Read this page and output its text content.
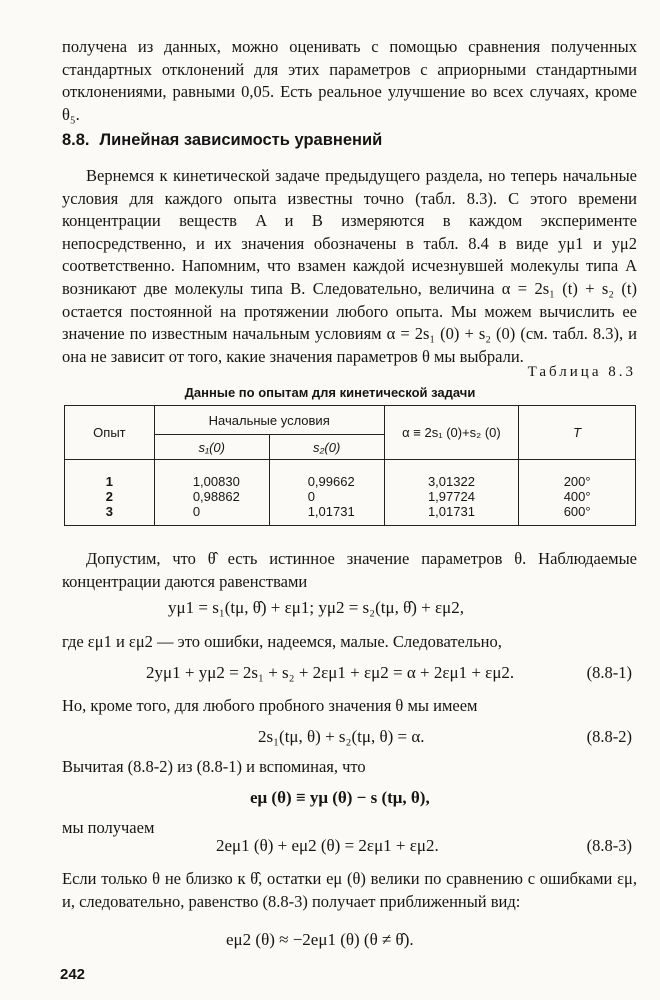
получена из данных, можно оценивать с помощью сравнения полученных стандартных отклонений для этих параметров с априорными стандартными отклонениями, равными 0,05. Есть реальное улучшение во всех случаях, кроме θ₅.

8.8. Линейная зависимость уравнений

Вернемся к кинетической задаче предыдущего раздела, но теперь начальные условия для каждого опыта известны точно (табл. 8.3). С этого времени концентрации веществ A и B измеряются в каждом эксперименте непосредственно, и их значения обозначены в табл. 8.4 в виде yμ1 и yμ2 соответственно. Напомним, что взамен каждой исчезнувшей молекулы типа A возникают две молекулы типа B. Следовательно, величина α = 2s₁ (t) + s₂ (t) остается постоянной на протяжении любого опыта. Мы можем вычислить ее значение по известным начальным условиям α = 2s₁ (0) + s₂ (0) (см. табл. 8.3), и она не зависит от того, какие значения параметров θ мы выбрали.

Таблица 8.3
Данные по опытам для кинетической задачи
Опыт	Начальные условия		α ≡ 2s₁ (0)+s₂ (0)	T
	s₁(0)	s₂(0)		
1	1,00830	0,99662	3,01322	200°
2	0,98862	0	1,97724	400°
3	0	1,01731	1,01731	600°

Допустим, что θ̂ есть истинное значение параметров θ. Наблюдаемые концентрации даются равенствами

yμ1 = s₁(tμ, θ̂) + εμ1; yμ2 = s₂(tμ, θ̂) + εμ2,
где εμ1 и εμ2 — это ошибки, надеемся, малые. Следовательно,
2yμ1 + yμ2 = 2s₁ + s₂ + 2εμ1 + εμ2 = α + 2εμ1 + εμ2.	(8.8-1)
Но, кроме того, для любого пробного значения θ мы имеем
2s₁(tμ, θ) + s₂(tμ, θ) = α.	(8.8-2)
Вычитая (8.8-2) из (8.8-1) и вспоминая, что
eμ (θ) ≡ yμ (θ) − s (tμ, θ),
мы получаем
2eμ1 (θ) + eμ2 (θ) = 2εμ1 + εμ2.	(8.8-3)

Если только θ не близко к θ̂, остатки eμ (θ) велики по сравнению с ошибками εμ, и, следовательно, равенство (8.8-3) получает приближенный вид:

eμ2 (θ) ≈ −2eμ1 (θ) (θ ≠ θ̂).
242
